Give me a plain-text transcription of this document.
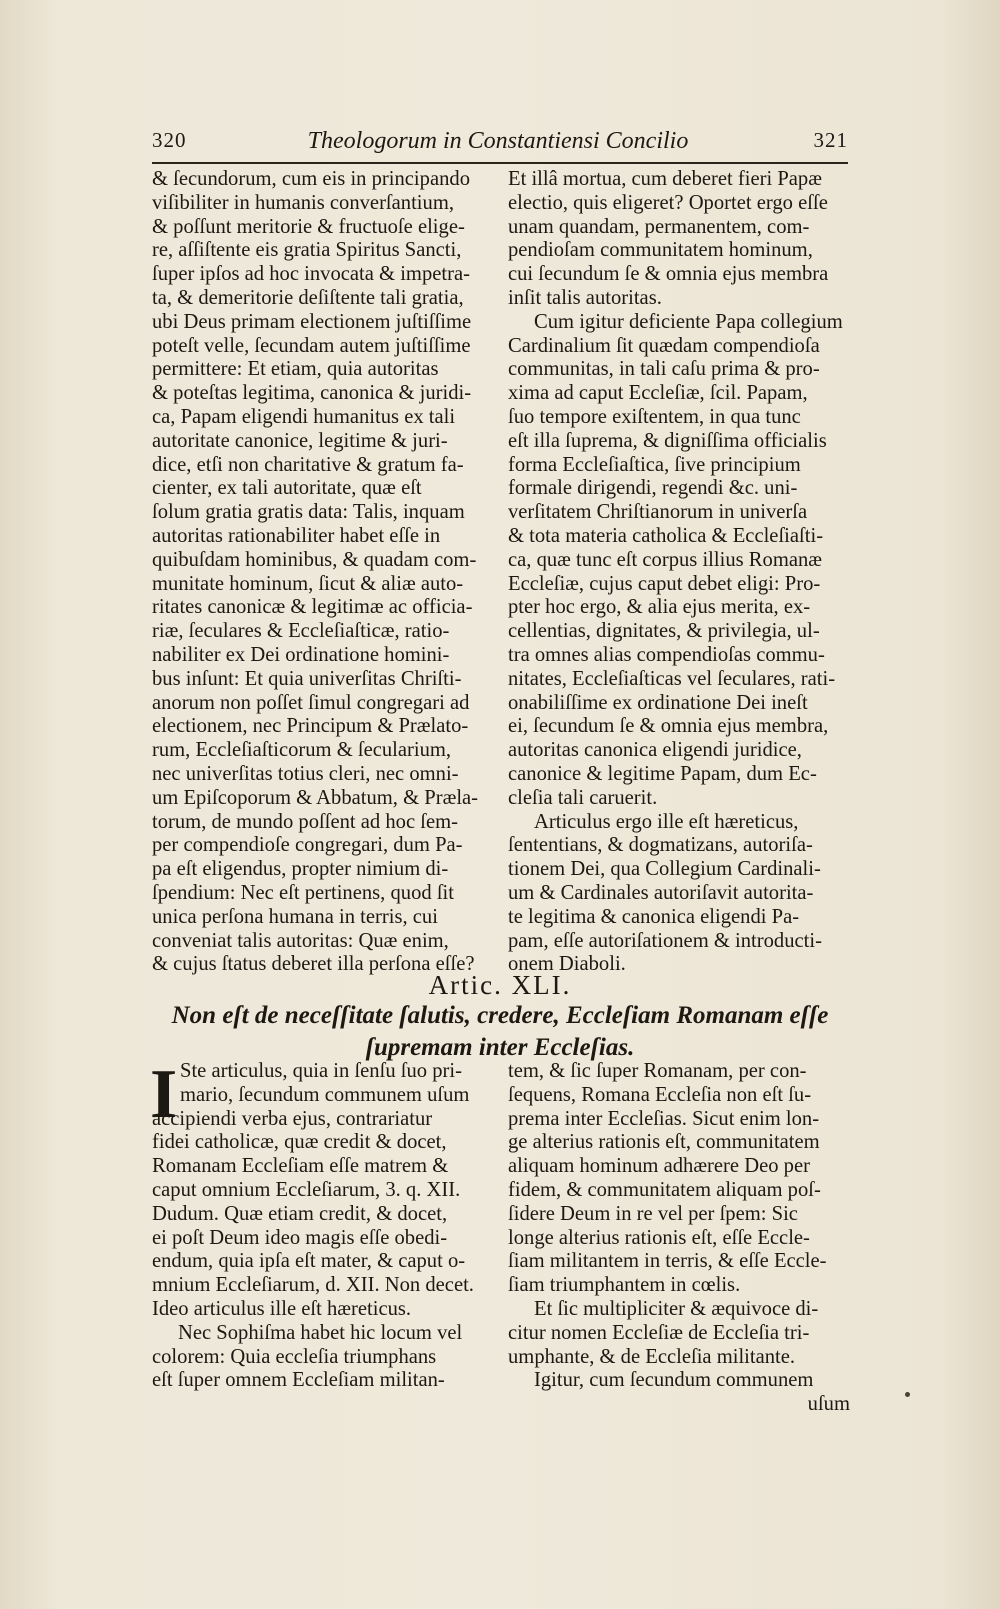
320	Theologorum in Constantiensi Concilio	321
& ſecundorum, cum eis in principando
viſibiliter in humanis converſantium,
& poſſunt meritorie & fructuoſe elige-
re, aſſiſtente eis gratia Spiritus Sancti,
ſuper ipſos ad hoc invocata & impetra-
ta, & demeritorie deſiſtente tali gratia,
ubi Deus primam electionem juſtiſſime
poteſt velle, ſecundam autem juſtiſſime
permittere: Et etiam, quia autoritas
& poteſtas legitima, canonica & juridi-
ca, Papam eligendi humanitus ex tali
autoritate canonice, legitime & juri-
dice, etſi non charitative & gratum fa-
cienter, ex tali autoritate, quæ eſt
ſolum gratia gratis data: Talis, inquam
autoritas rationabiliter habet eſſe in
quibuſdam hominibus, & quadam com-
munitate hominum, ſicut & aliæ auto-
ritates canonicæ & legitimæ ac officia-
riæ, ſeculares & Eccleſiaſticæ, ratio-
nabiliter ex Dei ordinatione homini-
bus inſunt: Et quia univerſitas Chriſti-
anorum non poſſet ſimul congregari ad
electionem, nec Principum & Prælato-
rum, Eccleſiaſticorum & ſecularium,
nec univerſitas totius cleri, nec omni-
um Epiſcoporum & Abbatum, & Præla-
torum, de mundo poſſent ad hoc ſem-
per compendioſe congregari, dum Pa-
pa eſt eligendus, propter nimium di-
ſpendium: Nec eſt pertinens, quod ſit
unica perſona humana in terris, cui
conveniat talis autoritas: Quæ enim,
& cujus ſtatus deberet illa perſona eſſe?
Et illâ mortua, cum deberet fieri Papæ
electio, quis eligeret? Oportet ergo eſſe
unam quandam, permanentem, com-
pendioſam communitatem hominum,
cui ſecundum ſe & omnia ejus membra
inſit talis autoritas.
Cum igitur deficiente Papa collegium
Cardinalium ſit quædam compendioſa
communitas, in tali caſu prima & pro-
xima ad caput Eccleſiæ, ſcil. Papam,
ſuo tempore exiſtentem, in qua tunc
eſt illa ſuprema, & digniſſima officialis
forma Eccleſiaſtica, ſive principium
formale dirigendi, regendi &c. uni-
verſitatem Chriſtianorum in univerſa
& tota materia catholica & Eccleſiaſti-
ca, quæ tunc eſt corpus illius Romanæ
Eccleſiæ, cujus caput debet eligi: Pro-
pter hoc ergo, & alia ejus merita, ex-
cellentias, dignitates, & privilegia, ul-
tra omnes alias compendioſas commu-
nitates, Eccleſiaſticas vel ſeculares, rati-
onabiliſſime ex ordinatione Dei ineſt
ei, ſecundum ſe & omnia ejus membra,
autoritas canonica eligendi juridice,
canonice & legitime Papam, dum Ec-
cleſia tali caruerit.
Articulus ergo ille eſt hæreticus,
ſententians, & dogmatizans, autoriſa-
tionem Dei, qua Collegium Cardinali-
um & Cardinales autoriſavit autorita-
te legitima & canonica eligendi Pa-
pam, eſſe autoriſationem & introducti-
onem Diaboli.
Artic. XLI.
Non eſt de neceſſitate ſalutis, credere, Eccleſiam Romanam eſſe
ſupremam inter Eccleſias.
I Ste articulus, quia in ſenſu ſuo pri-
mario, ſecundum communem uſum
accipiendi verba ejus, contrariatur
fidei catholicæ, quæ credit & docet,
Romanam Eccleſiam eſſe matrem &
caput omnium Eccleſiarum, 3. q. XII.
Dudum. Quæ etiam credit, & docet,
ei poſt Deum ideo magis eſſe obedi-
endum, quia ipſa eſt mater, & caput o-
mnium Eccleſiarum, d. XII. Non decet.
Ideo articulus ille eſt hæreticus.
Nec Sophiſma habet hic locum vel
colorem: Quia eccleſia triumphans
eſt ſuper omnem Eccleſiam militan-
tem, & ſic ſuper Romanam, per con-
ſequens, Romana Eccleſia non eſt ſu-
prema inter Eccleſias. Sicut enim lon-
ge alterius rationis eſt, communitatem
aliquam hominum adhærere Deo per
fidem, & communitatem aliquam poſ-
ſidere Deum in re vel per ſpem: Sic
longe alterius rationis eſt, eſſe Eccle-
ſiam militantem in terris, & eſſe Eccle-
ſiam triumphantem in cœlis.
Et ſic multipliciter & æquivoce di-
citur nomen Eccleſiæ de Eccleſia tri-
umphante, & de Eccleſia militante.
Igitur, cum ſecundum communem
uſum
